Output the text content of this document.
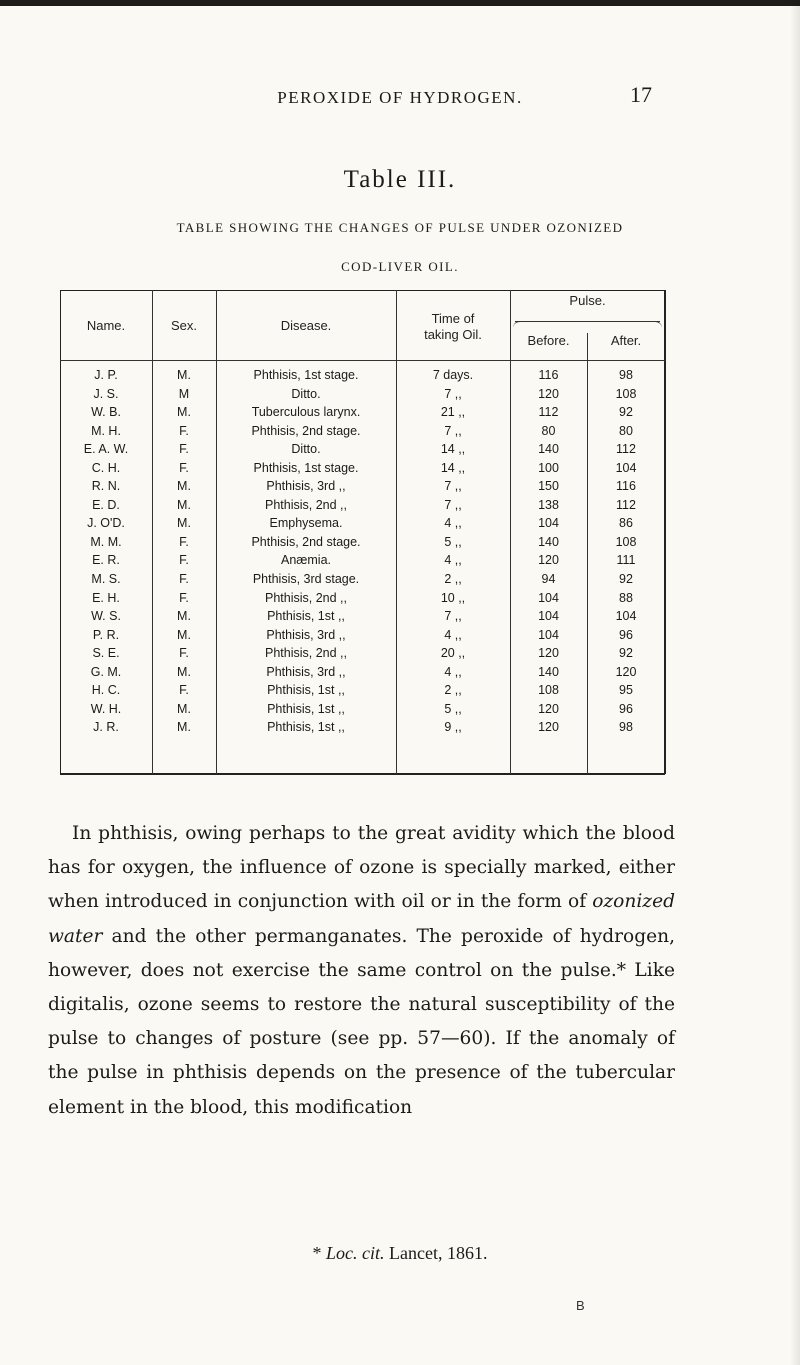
PEROXIDE OF HYDROGEN.	17
Table III.
TABLE SHOWING THE CHANGES OF PULSE UNDER OZONIZED
COD-LIVER OIL.
Name.	Sex.	Disease.	Time of
taking Oil.
Pulse.
Before.	After.
J. P.	M.	Phthisis, 1st stage.	7 days.	116	98
J. S.	M	Ditto.	7 ,,	120	108
W. B.	M.	Tuberculous larynx.	21 ,,	112	92
M. H.	F.	Phthisis, 2nd stage.	7 ,,	80	80
E. A. W.	F.	Ditto.	14 ,,	140	112
C. H.	F.	Phthisis, 1st stage.	14 ,,	100	104
R. N.	M.	Phthisis, 3rd ,,	7 ,,	150	116
E. D.	M.	Phthisis, 2nd ,,	7 ,,	138	112
J. O'D.	M.	Emphysema.	4 ,,	104	86
M. M.	F.	Phthisis, 2nd stage.	5 ,,	140	108
E. R.	F.	Anæmia.	4 ,,	120	111
M. S.	F.	Phthisis, 3rd stage.	2 ,,	94	92
E. H.	F.	Phthisis, 2nd ,,	10 ,,	104	88
W. S.	M.	Phthisis, 1st ,,	7 ,,	104	104
P. R.	M.	Phthisis, 3rd ,,	4 ,,	104	96
S. E.	F.	Phthisis, 2nd ,,	20 ,,	120	92
G. M.	M.	Phthisis, 3rd ,,	4 ,,	140	120
H. C.	F.	Phthisis, 1st ,,	2 ,,	108	95
W. H.	M.	Phthisis, 1st ,,	5 ,,	120	96
J. R.	M.	Phthisis, 1st ,,	9 ,,	120	98

In phthisis, owing perhaps to the great avidity which the blood has for oxygen, the influence of ozone is specially marked, either when introduced in conjunction with oil or in the form of ozonized water and the other permanganates. The peroxide of hydrogen, however, does not exercise the same control on the pulse.* Like digitalis, ozone seems to restore the natural susceptibility of the pulse to changes of posture (see pp. 57—60). If the anomaly of the pulse in phthisis depends on the presence of the tubercular element in the blood, this modification

* Loc. cit. Lancet, 1861.
B
